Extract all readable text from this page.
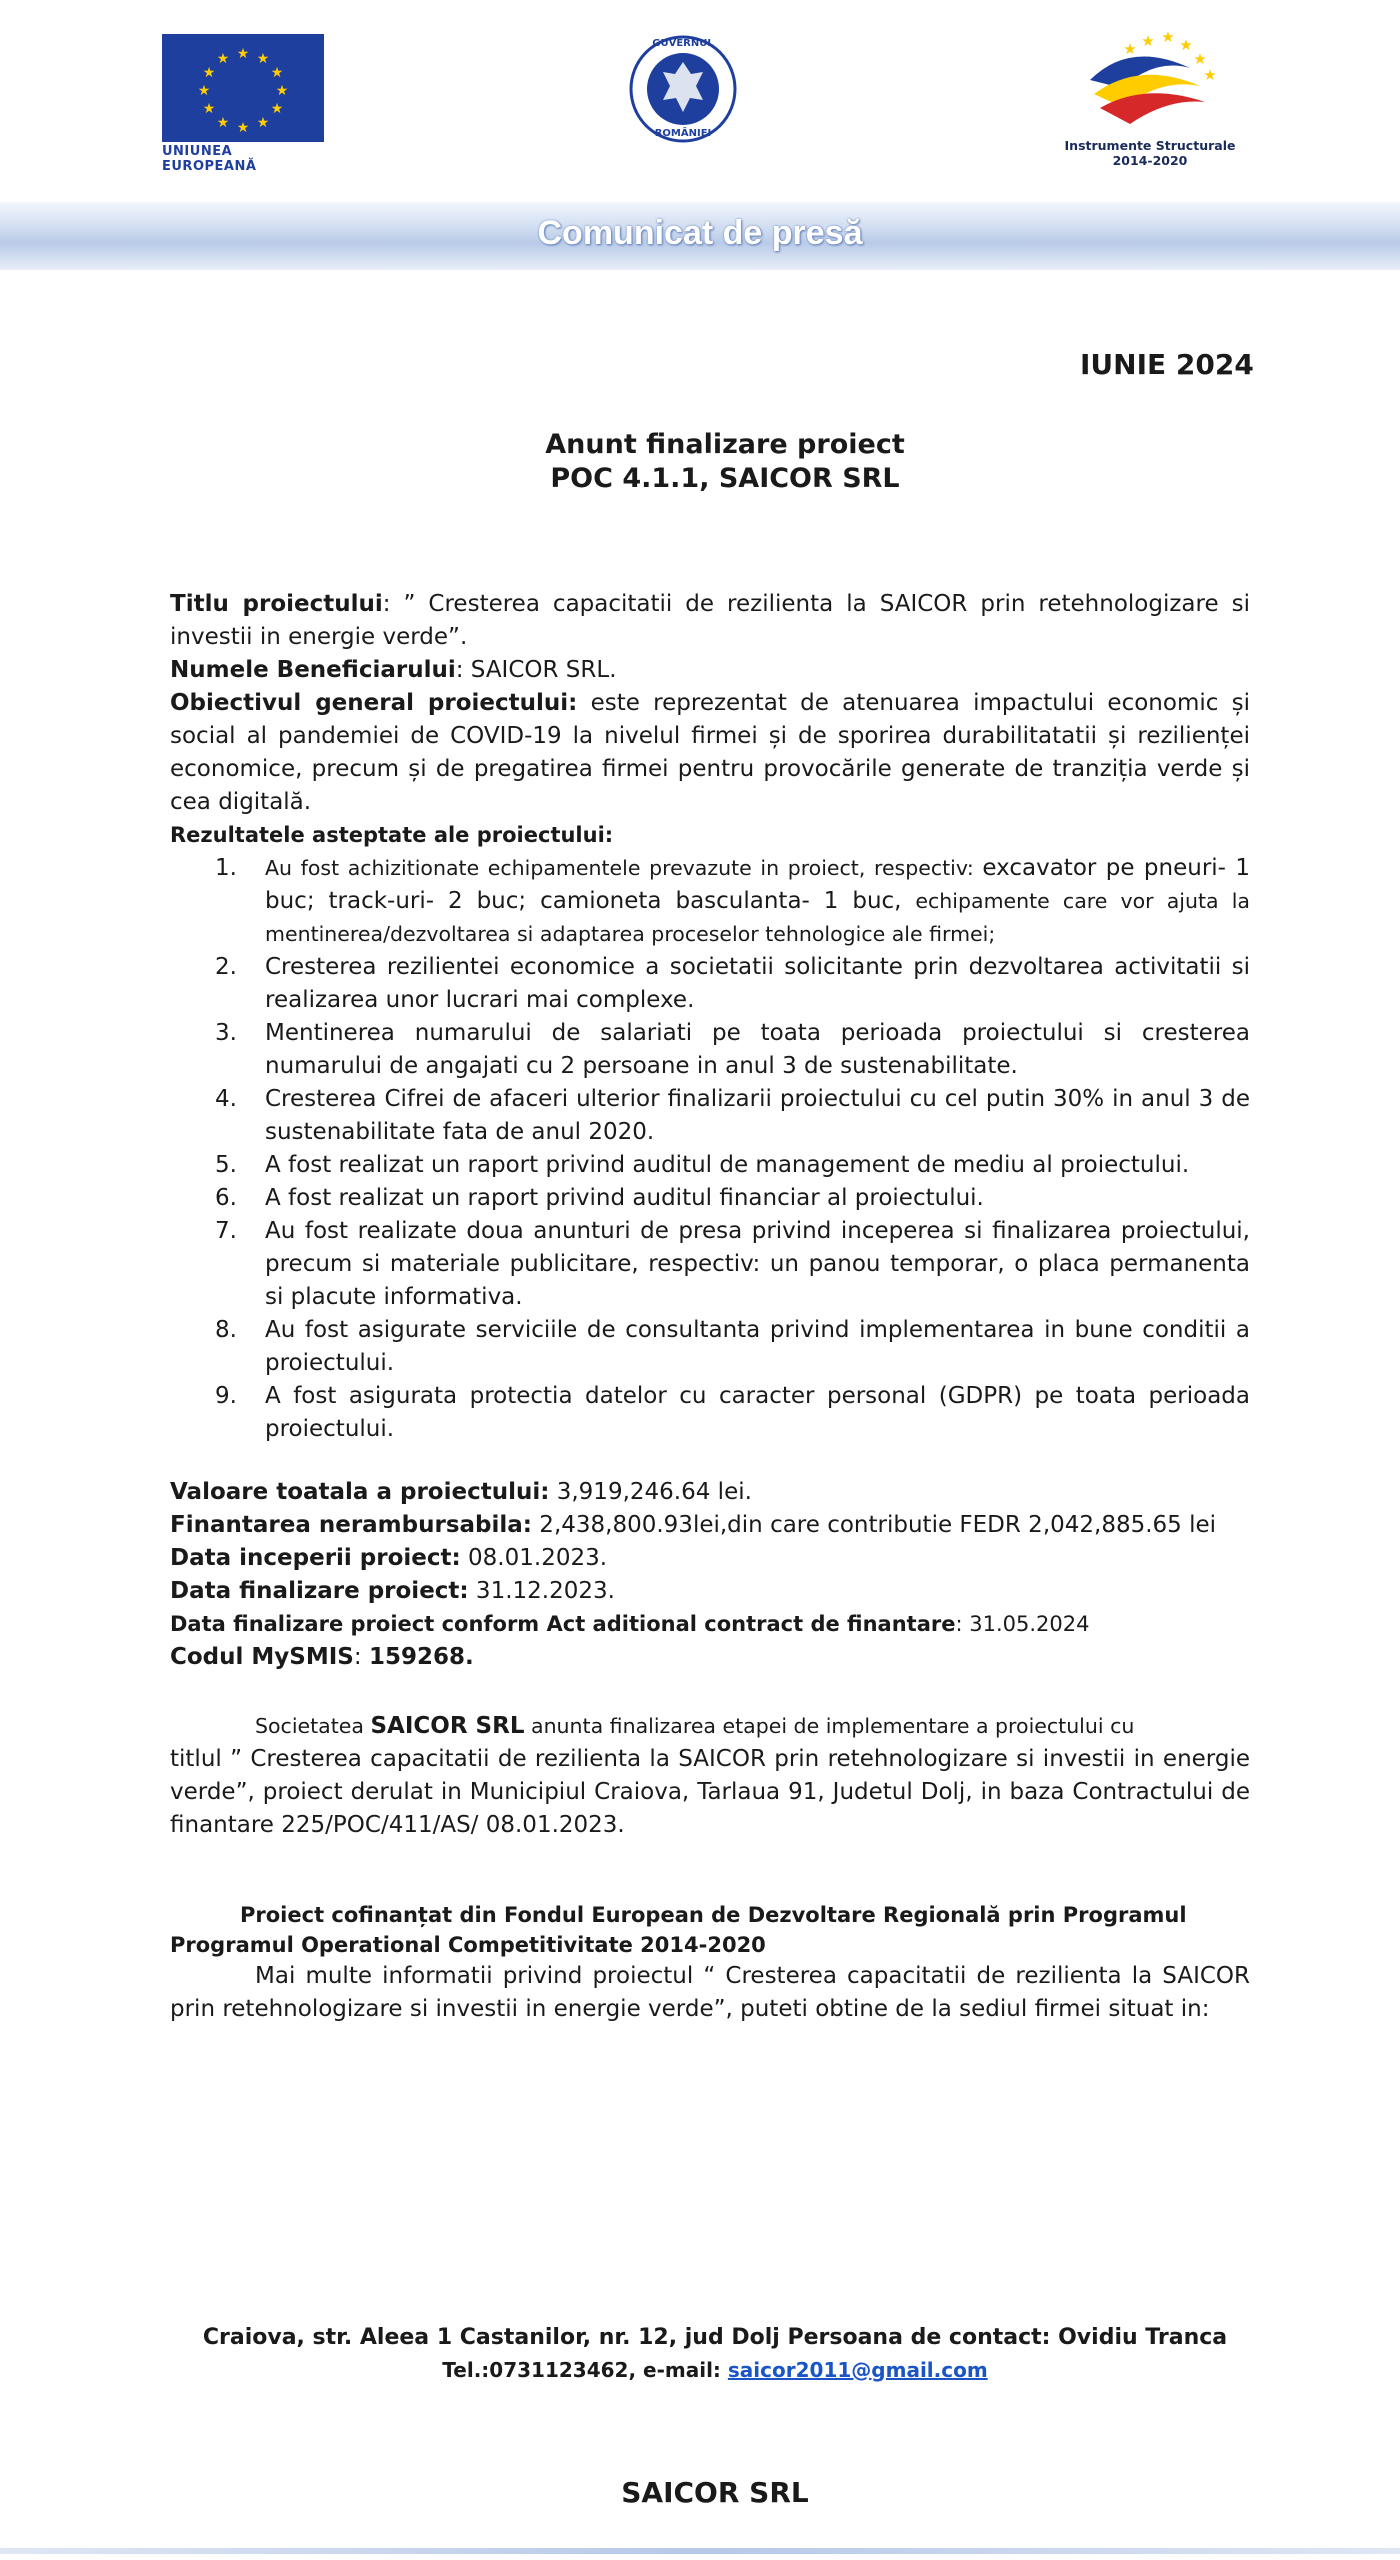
★ ★
★
★
★
★
★
★
★
★
★
★
UNIUNEA EUROPEANĂ
GUVERNUL
ROMÂNIEI
★ ★ ★
★
★
★
Instrumente Structurale
2014-2020
Comunicat de presă
IUNIE 2024
Anunt finalizare proiect
POC 4.1.1, SAICOR SRL

Titlu proiectului: ” Cresterea capacitatii de rezilienta la SAICOR prin retehnologizare si investii in energie verde”.

Numele Beneficiarului: SAICOR SRL.

Obiectivul general proiectului: este reprezentat de atenuarea impactului economic și social al pandemiei de COVID-19 la nivelul firmei și de sporirea durabilitatatii și rezilienței economice, precum și de pregatirea firmei pentru provocările generate de tranziția verde și cea digitală.

Rezultatele asteptate ale proiectului:

1. Au fost achizitionate echipamentele prevazute in proiect, respectiv: excavator pe pneuri- 1 buc; track-uri- 2 buc; camioneta basculanta- 1 buc, echipamente care vor ajuta la mentinerea/dezvoltarea si adaptarea proceselor tehnologice ale firmei;
2. Cresterea rezilientei economice a societatii solicitante prin dezvoltarea activitatii si realizarea unor lucrari mai complexe.
3. Mentinerea numarului de salariati pe toata perioada proiectului si cresterea numarului de angajati cu 2 persoane in anul 3 de sustenabilitate.
4. Cresterea Cifrei de afaceri ulterior finalizarii proiectului cu cel putin 30% in anul 3 de sustenabilitate fata de anul 2020.
5. A fost realizat un raport privind auditul de management de mediu al proiectului.
6. A fost realizat un raport privind auditul financiar al proiectului.
7. Au fost realizate doua anunturi de presa privind inceperea si finalizarea proiectului, precum si materiale publicitare, respectiv: un panou temporar, o placa permanenta si placute informativa.
8. Au fost asigurate serviciile de consultanta privind implementarea in bune conditii a proiectului.
9. A fost asigurata protectia datelor cu caracter personal (GDPR) pe toata perioada proiectului.

Valoare toatala a proiectului: 3,919,246.64 lei.

Finantarea nerambursabila: 2,438,800.93lei,din care contributie FEDR 2,042,885.65 lei

Data inceperii proiect: 08.01.2023.

Data finalizare proiect: 31.12.2023.

Data finalizare proiect conform Act aditional contract de finantare: 31.05.2024

Codul MySMIS: 159268.

Societatea SAICOR SRL anunta finalizarea etapei de implementare a proiectului cu

titlul ” Cresterea capacitatii de rezilienta la SAICOR prin retehnologizare si investii in energie verde”, proiect derulat in Municipiul Craiova, Tarlaua 91, Judetul Dolj, in baza Contractului de finantare 225/POC/411/AS/ 08.01.2023.

Proiect cofinanțat din Fondul European de Dezvoltare Regională prin Programul
Programul Operational Competitivitate 2014-2020

Mai multe informatii privind proiectul “ Cresterea capacitatii de rezilienta la SAICOR prin retehnologizare si investii in energie verde”, puteti obtine de la sediul firmei situat in:

Craiova, str. Aleea 1 Castanilor, nr. 12, jud Dolj Persoana de contact: Ovidiu Tranca
Tel.:0731123462, e-mail: saicor2011@gmail.com
SAICOR SRL
